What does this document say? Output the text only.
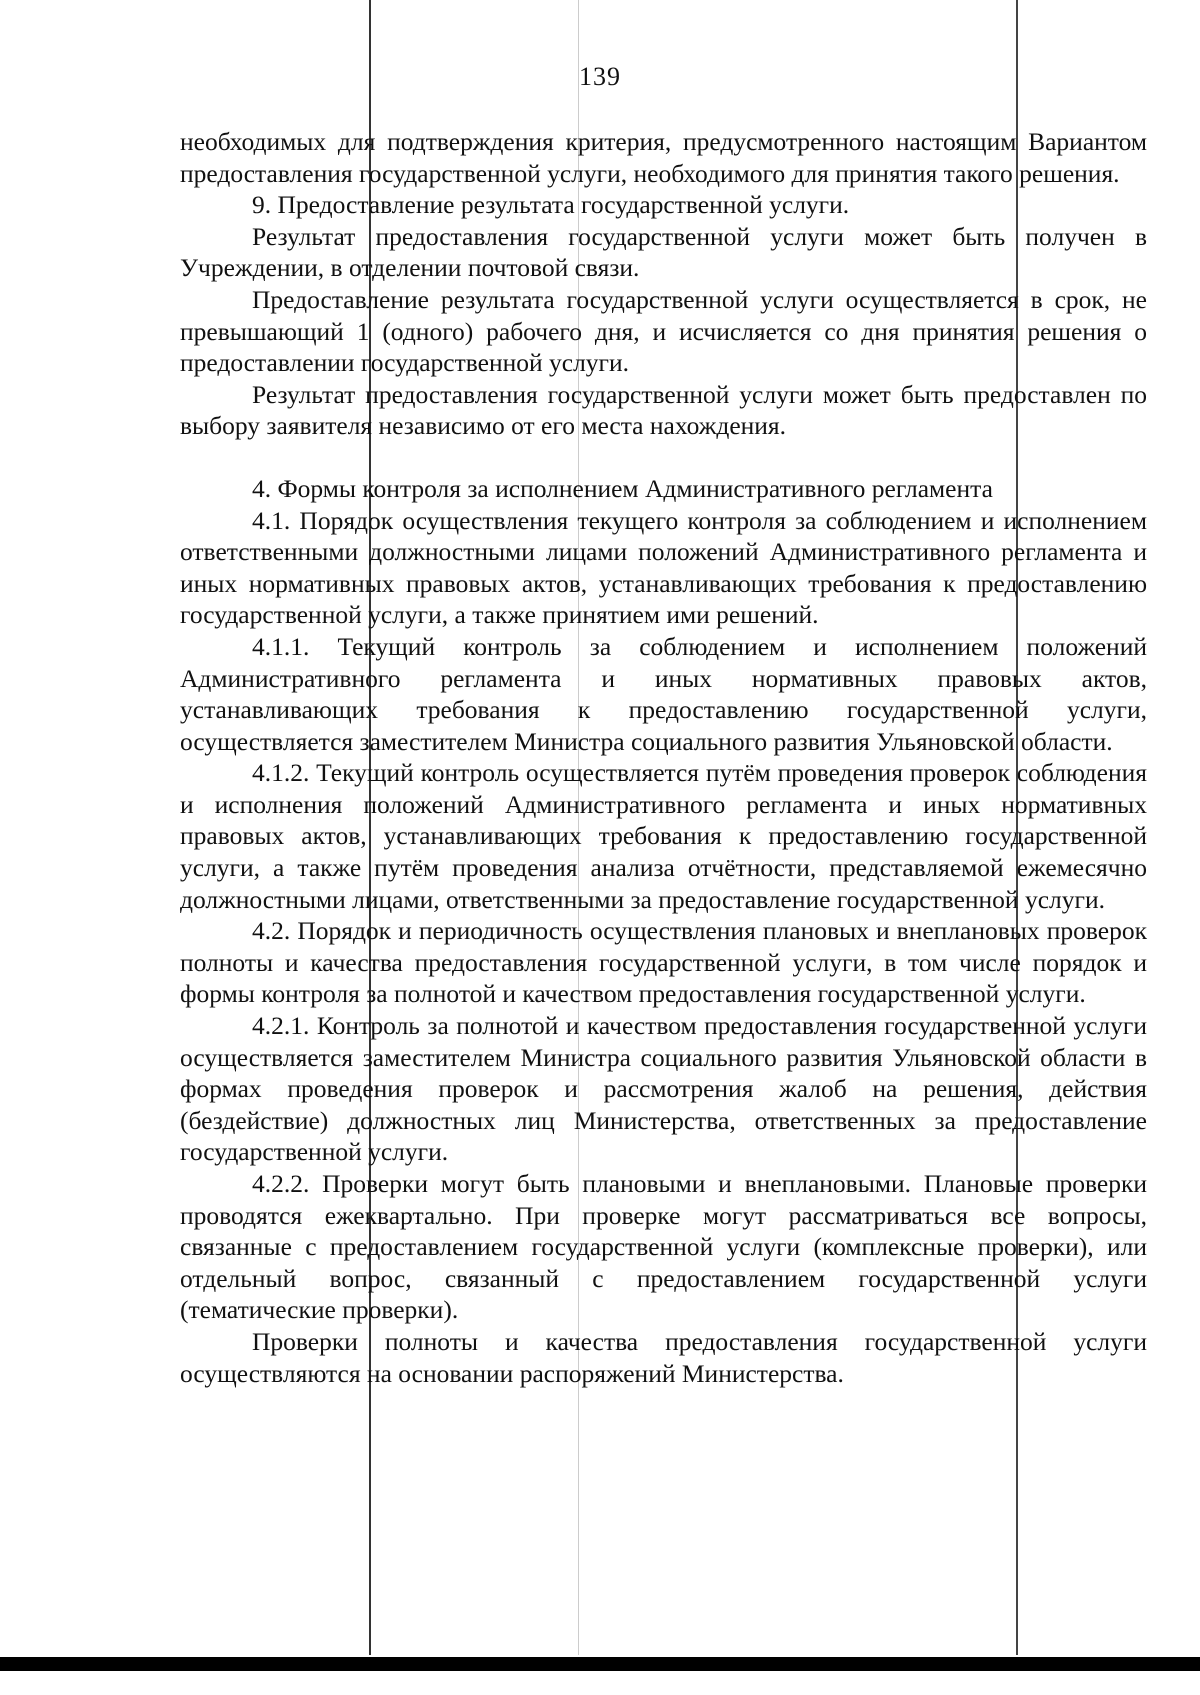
139

необходимых для подтверждения критерия, предусмотренного настоящим Вариантом предоставления государственной услуги, необходимого для принятия такого решения.

9. Предоставление результата государственной услуги.

Результат предоставления государственной услуги может быть получен в Учреждении, в отделении почтовой связи.

Предоставление результата государственной услуги осуществляется в срок, не превышающий 1 (одного) рабочего дня, и исчисляется со дня принятия решения о предоставлении государственной услуги.

Результат предоставления государственной услуги может быть предоставлен по выбору заявителя независимо от его места нахождения.

4. Формы контроля за исполнением Административного регламента

4.1. Порядок осуществления текущего контроля за соблюдением и исполнением ответственными должностными лицами положений Административного регламента и иных нормативных правовых актов, устанавливающих требования к предоставлению государственной услуги, а также принятием ими решений.

4.1.1. Текущий контроль за соблюдением и исполнением положений Административного регламента и иных нормативных правовых актов, устанавливающих требования к предоставлению государственной услуги, осуществляется заместителем Министра социального развития Ульяновской области.

4.1.2. Текущий контроль осуществляется путём проведения проверок соблюдения и исполнения положений Административного регламента и иных нормативных правовых актов, устанавливающих требования к предоставлению государственной услуги, а также путём проведения анализа отчётности, представляемой ежемесячно должностными лицами, ответственными за предоставление государственной услуги.

4.2. Порядок и периодичность осуществления плановых и внеплановых проверок полноты и качества предоставления государственной услуги, в том числе порядок и формы контроля за полнотой и качеством предоставления государственной услуги.

4.2.1. Контроль за полнотой и качеством предоставления государственной услуги осуществляется заместителем Министра социального развития Ульяновской области в формах проведения проверок и рассмотрения жалоб на решения, действия (бездействие) должностных лиц Министерства, ответственных за предоставление государственной услуги.

4.2.2. Проверки могут быть плановыми и внеплановыми. Плановые проверки проводятся ежеквартально. При проверке могут рассматриваться все вопросы, связанные с предоставлением государственной услуги (комплексные проверки), или отдельный вопрос, связанный с предоставлением государственной услуги (тематические проверки).

Проверки полноты и качества предоставления государственной услуги осуществляются на основании распоряжений Министерства.
